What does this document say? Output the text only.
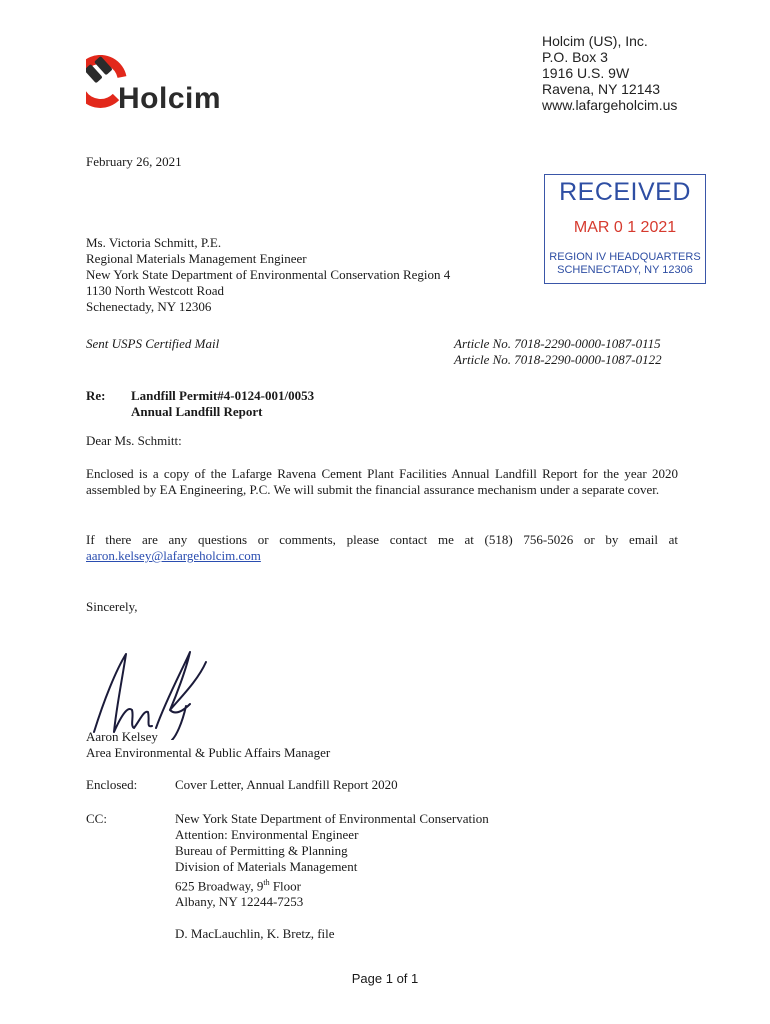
Holcim
Holcim (US), Inc.
P.O. Box 3
1916 U.S. 9W
Ravena, NY 12143
www.lafargeholcim.us
February 26, 2021
RECEIVED
MAR 0 1 2021
REGION IV HEADQUARTERS
SCHENECTADY, NY 12306
Ms. Victoria Schmitt, P.E.
Regional Materials Management Engineer
New York State Department of Environmental Conservation Region 4
1130 North Westcott Road
Schenectady, NY 12306
Sent USPS Certified Mail	Article No. 7018-2290-0000-1087-0115
Article No. 7018-2290-0000-1087-0122
Re: Landfill Permit#4-0124-001/0053
Annual Landfill Report
Dear Ms. Schmitt:
Enclosed is a copy of the Lafarge Ravena Cement Plant Facilities Annual Landfill Report for the year 2020 assembled by EA Engineering, P.C. We will submit the financial assurance mechanism under a separate cover.
If there are any questions or comments, please contact me at (518) 756-5026 or by email at
aaron.kelsey@lafargeholcim.com
Sincerely,
Aaron Kelsey
Area Environmental & Public Affairs Manager
Enclosed:	Cover Letter, Annual Landfill Report 2020
CC:	New York State Department of Environmental Conservation
Attention: Environmental Engineer
Bureau of Permitting & Planning
Division of Materials Management
625 Broadway, 9th Floor
Albany, NY 12244-7253
D. MacLauchlin, K. Bretz, file
Page 1 of 1
